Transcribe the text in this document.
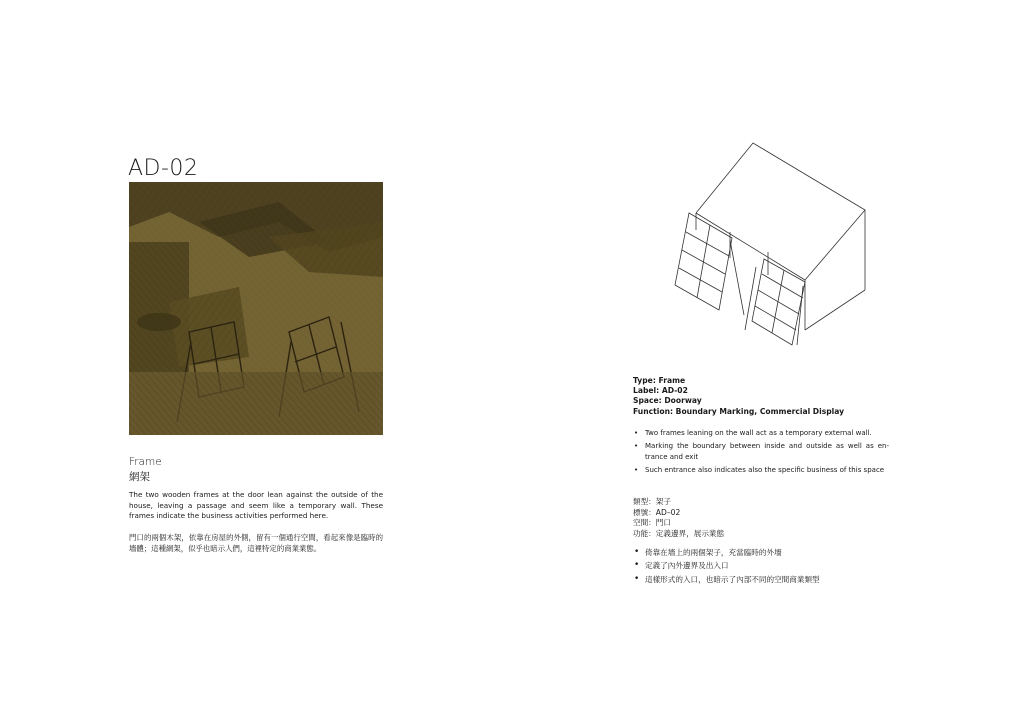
AD-02
Frame
網架

The two wooden frames at the door lean against the outside of the house, leaving a passage and seem like a temporary wall. These frames indicate the business activities performed here.

門口的兩個木架，依靠在房屋的外側，留有一個通行空間，看起來像是臨時的墻體；這種網架，似乎也暗示人們，這裡特定的商業業態。

Type: Frame
Label: AD-02
Space: Doorway
Function: Boundary Marking, Commercial Display
• Two frames leaning on the wall act as a temporary external wall.
• Marking the boundary between inside and outside as well as en-trance and exit
• Such entrance also indicates also the specific business of this space
類型：架子
標號：AD–02
空間：門口
功能：定義邊界，展示業態
• 倚靠在墻上的兩個架子，充當臨時的外墻
• 定義了內外邊界及出入口
• 這樣形式的入口，也暗示了內部不同的空間商業類型
